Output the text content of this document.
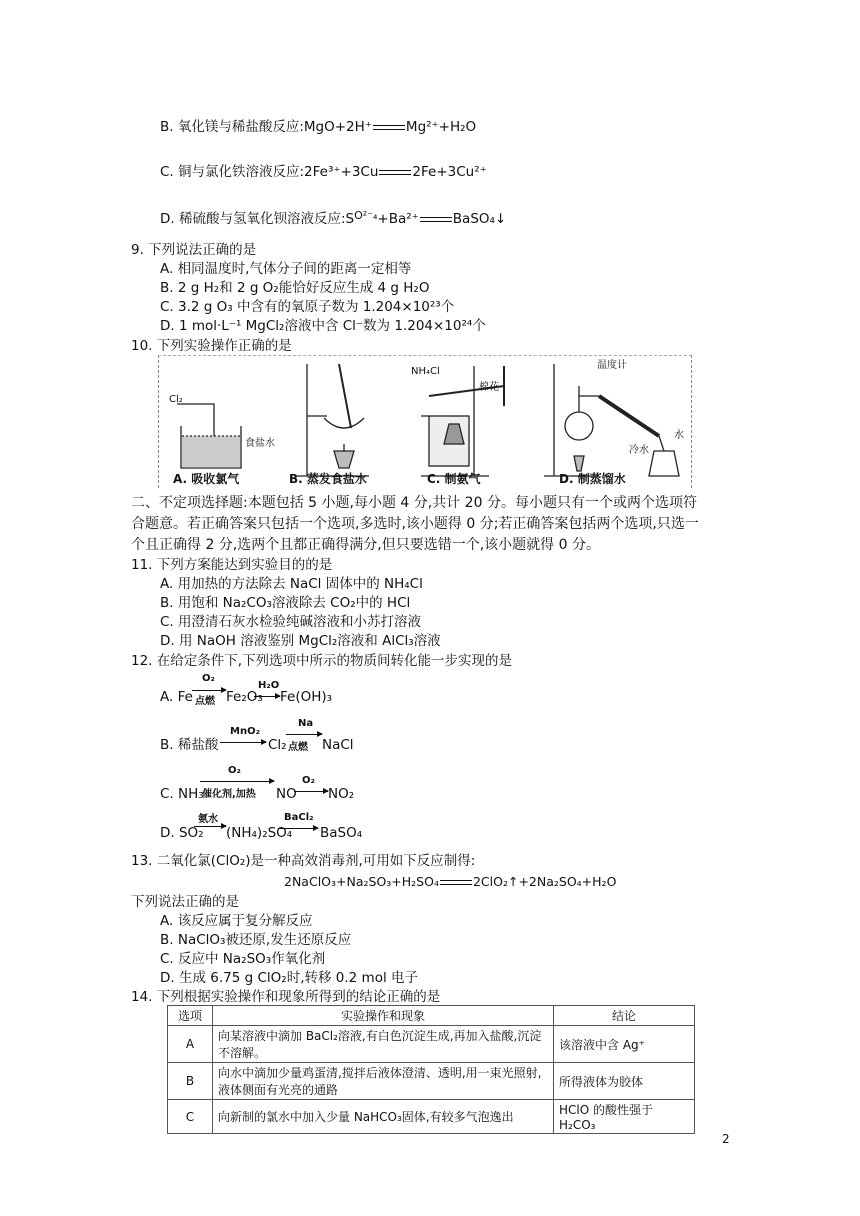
B. 氧化镁与稀盐酸反应:MgO+2H⁺	Mg²⁺+H₂O
C. 铜与氯化铁溶液反应:2Fe³⁺+3Cu	2Fe+3Cu²⁺
D. 稀硫酸与氢氧化钡溶液反应$:S^{O^{2-}_4}+Ba^{2+}$	BaSO₄↓
9. 下列说法正确的是
A. 相同温度时,气体分子间的距离一定相等
B. 2 g H₂和 2 g O₂能恰好反应生成 4 g H₂O
C. 3.2 g O₃ 中含有的氧原子数为 1.204×10²³个
D. 1 mol·L⁻¹ MgCl₂溶液中含 Cl⁻数为 1.204×10²⁴个
10. 下列实验操作正确的是
Cl₂
食盐水
NH₄Cl
棉花
温度计
冷水
水
A. 吸收氯气	B. 蒸发食盐水	C. 制氨气	D. 制蒸馏水
二、不定项选择题:本题包括 5 小题,每小题 4 分,共计 20 分。每小题只有一个或两个选项符
合题意。若正确答案只包括一个选项,多选时,该小题得 0 分;若正确答案包括两个选项,只选一
个且正确得 2 分,选两个且都正确得满分,但只要选错一个,该小题就得 0 分。
11. 下列方案能达到实验目的的是
A. 用加热的方法除去 NaCl 固体中的 NH₄Cl
B. 用饱和 Na₂CO₃溶液除去 CO₂中的 HCl
C. 用澄清石灰水检验纯碱溶液和小苏打溶液
D. 用 NaOH 溶液鉴别 MgCl₂溶液和 AlCl₃溶液
12. 在给定条件下,下列选项中所示的物质间转化能一步实现的是
A. Fe
O₂
点燃 Fe₂O₃
H₂O
Fe(OH)₃
B. 稀盐酸
MnO₂
Cl₂
Na
点燃 NaCl
C. NH₃
O₂
催化剂,加热 NO
O₂
NO₂
D. SO₂
氨水
(NH₄)₂SO₄
BaCl₂
BaSO₄
13. 二氧化氯(ClO₂)是一种高效消毒剂,可用如下反应制得:
2NaClO₃+Na₂SO₃+H₂SO₄	2ClO₂↑+2Na₂SO₄+H₂O
下列说法正确的是
A. 该反应属于复分解反应
B. NaClO₃被还原,发生还原反应
C. 反应中 Na₂SO₃作氧化剂
D. 生成 6.75 g ClO₂时,转移 0.2 mol 电子
14. 下列根据实验操作和现象所得到的结论正确的是
选项	实验操作和现象	结论
A	向某溶液中滴加 BaCl₂溶液,有白色沉淀生成,再加入盐酸,沉淀不溶解。	该溶液中含 Ag⁺
B	向水中滴加少量鸡蛋清,搅拌后液体澄清、透明,用一束光照射,液体侧面有光亮的通路	所得液体为胶体
C	向新制的氯水中加入少量 NaHCO₃固体,有较多气泡逸出	HClO 的酸性强于 H₂CO₃
2
